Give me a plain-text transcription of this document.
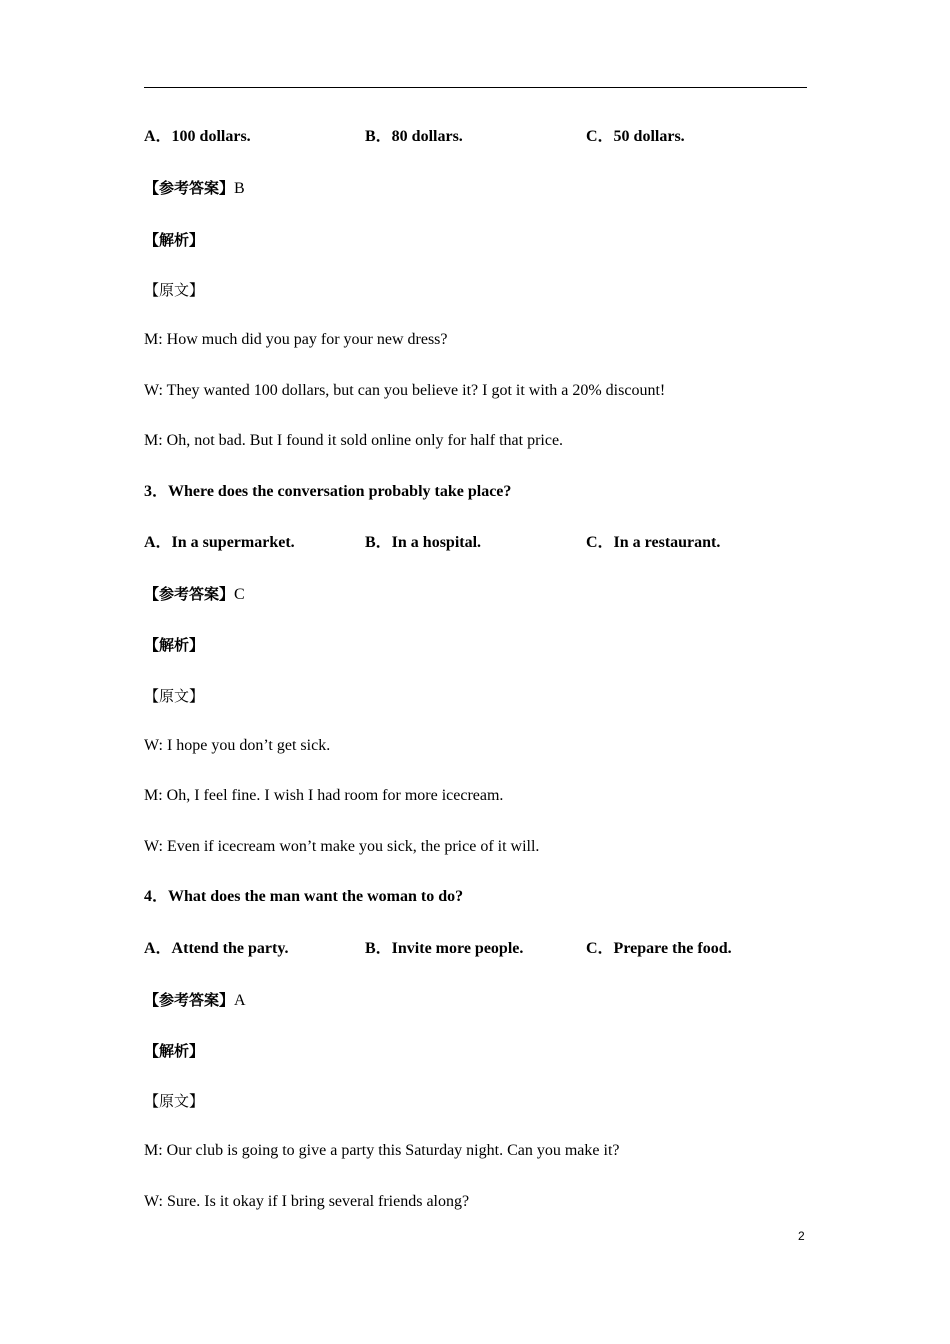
A．100 dollars.	B．80 dollars.	C．50 dollars.
【参考答案】B
【解析】
【原文】
M: How much did you pay for your new dress?
W: They wanted 100 dollars, but can you believe it? I got it with a 20% discount!
M: Oh, not bad. But I found it sold online only for half that price.
3．Where does the conversation probably take place?
A．In a supermarket.	B．In a hospital.	C．In a restaurant.
【参考答案】C
【解析】
【原文】
W: I hope you don’t get sick.
M: Oh, I feel fine. I wish I had room for more icecream.
W: Even if icecream won’t make you sick, the price of it will.
4．What does the man want the woman to do?
A．Attend the party.	B．Invite more people.	C．Prepare the food.
【参考答案】A
【解析】
【原文】
M: Our club is going to give a party this Saturday night. Can you make it?
W: Sure. Is it okay if I bring several friends along?
2
